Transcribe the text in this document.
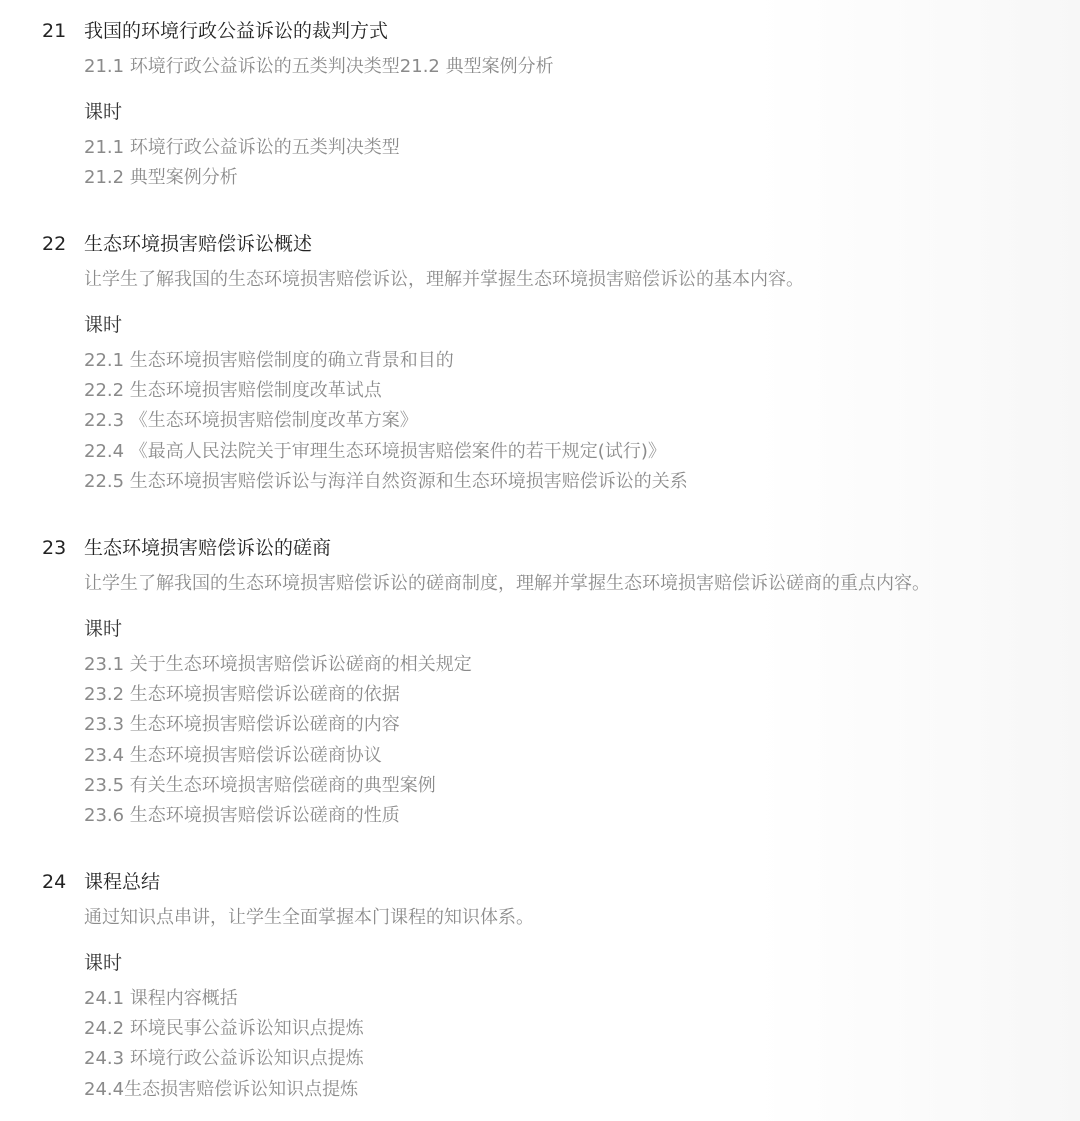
21 我国的环境行政公益诉讼的裁判方式
21.1 环境行政公益诉讼的五类判决类型21.2 典型案例分析
课时
21.1 环境行政公益诉讼的五类判决类型
21.2 典型案例分析
22 生态环境损害赔偿诉讼概述
让学生了解我国的生态环境损害赔偿诉讼，理解并掌握生态环境损害赔偿诉讼的基本内容。
课时
22.1 生态环境损害赔偿制度的确立背景和目的
22.2 生态环境损害赔偿制度改革试点
22.3 《生态环境损害赔偿制度改革方案》
22.4 《最高人民法院关于审理生态环境损害赔偿案件的若干规定(试行)》
22.5 生态环境损害赔偿诉讼与海洋自然资源和生态环境损害赔偿诉讼的关系
23 生态环境损害赔偿诉讼的磋商
让学生了解我国的生态环境损害赔偿诉讼的磋商制度，理解并掌握生态环境损害赔偿诉讼磋商的重点内容。
课时
23.1 关于生态环境损害赔偿诉讼磋商的相关规定
23.2 生态环境损害赔偿诉讼磋商的依据
23.3 生态环境损害赔偿诉讼磋商的内容
23.4 生态环境损害赔偿诉讼磋商协议
23.5 有关生态环境损害赔偿磋商的典型案例
23.6 生态环境损害赔偿诉讼磋商的性质
24 课程总结
通过知识点串讲，让学生全面掌握本门课程的知识体系。
课时
24.1 课程内容概括
24.2 环境民事公益诉讼知识点提炼
24.3 环境行政公益诉讼知识点提炼
24.4生态损害赔偿诉讼知识点提炼
